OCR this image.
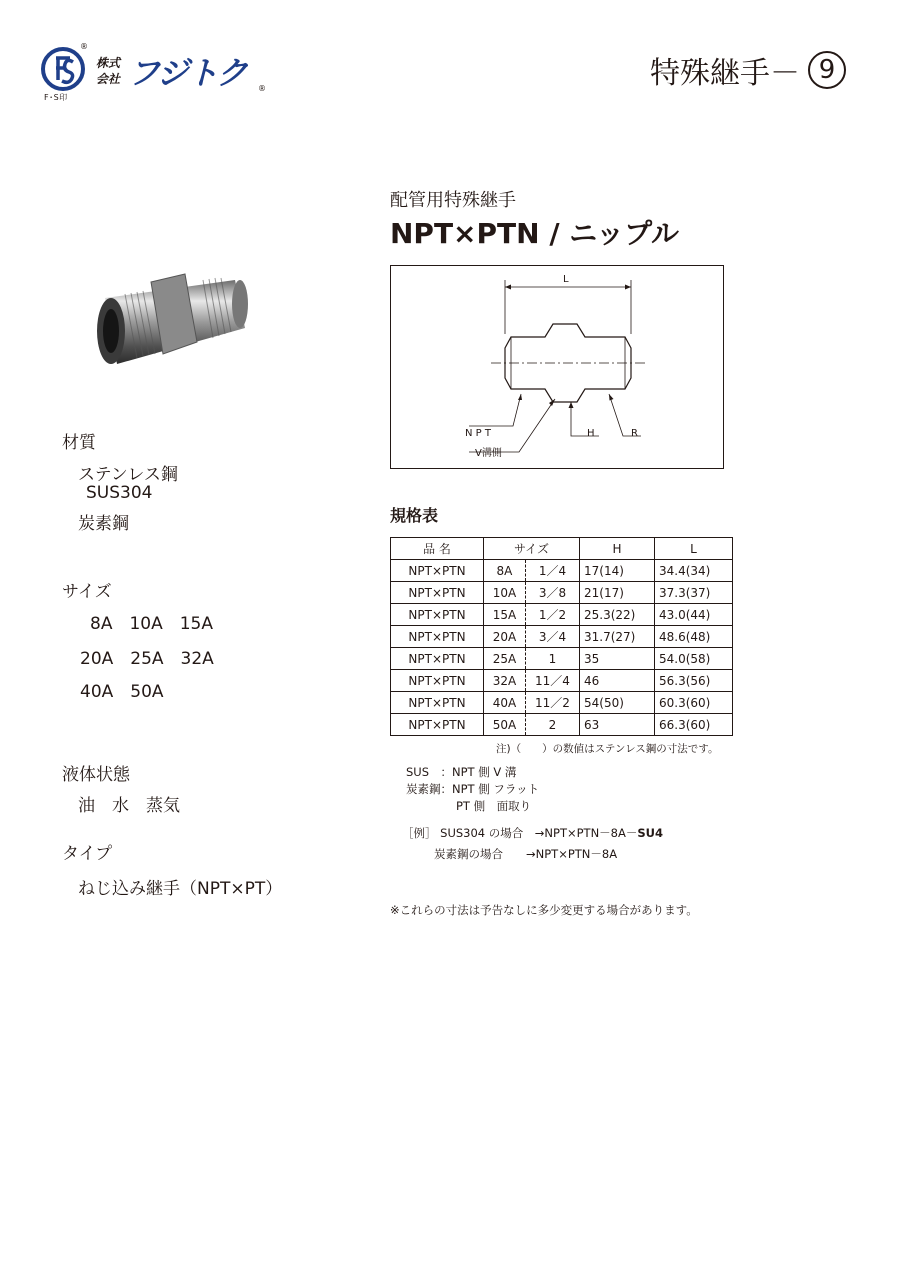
®
F･S印
株式
会社 フジトク ®	特殊継手－ 9
配管用特殊継手
NPT×PTN / ニップル
材質
ステンレス鋼
SUS304
炭素鋼
サイズ
8A　10A　15A
20A　25A　32A
40A　50A
液体状態
油　水　蒸気
タイプ
ねじ込み継手（NPT×PT）
L
N P T	H	R
V溝側
規格表
品 名	サイズ		H	L
NPT×PTN	8A	1／4	17(14)	34.4(34)
NPT×PTN	10A	3／8	21(17)	37.3(37)
NPT×PTN	15A	1／2	25.3(22)	43.0(44)
NPT×PTN	20A	3／4	31.7(27)	48.6(48)
NPT×PTN	25A	1	35	54.0(58)
NPT×PTN	32A	11／4	46	56.3(56)
NPT×PTN	40A	11／2	54(50)	60.3(60)
NPT×PTN	50A	2	63	66.3(60)
注)（　　）の数値はステンレス鋼の寸法です。
SUS　：NPT 側 V 溝
炭素鋼：NPT 側 フラット
PT 側　面取り
［例］ SUS304 の場合　→NPT×PTN－8A－SU4
炭素鋼の場合　　→NPT×PTN－8A
※これらの寸法は予告なしに多少変更する場合があります。
